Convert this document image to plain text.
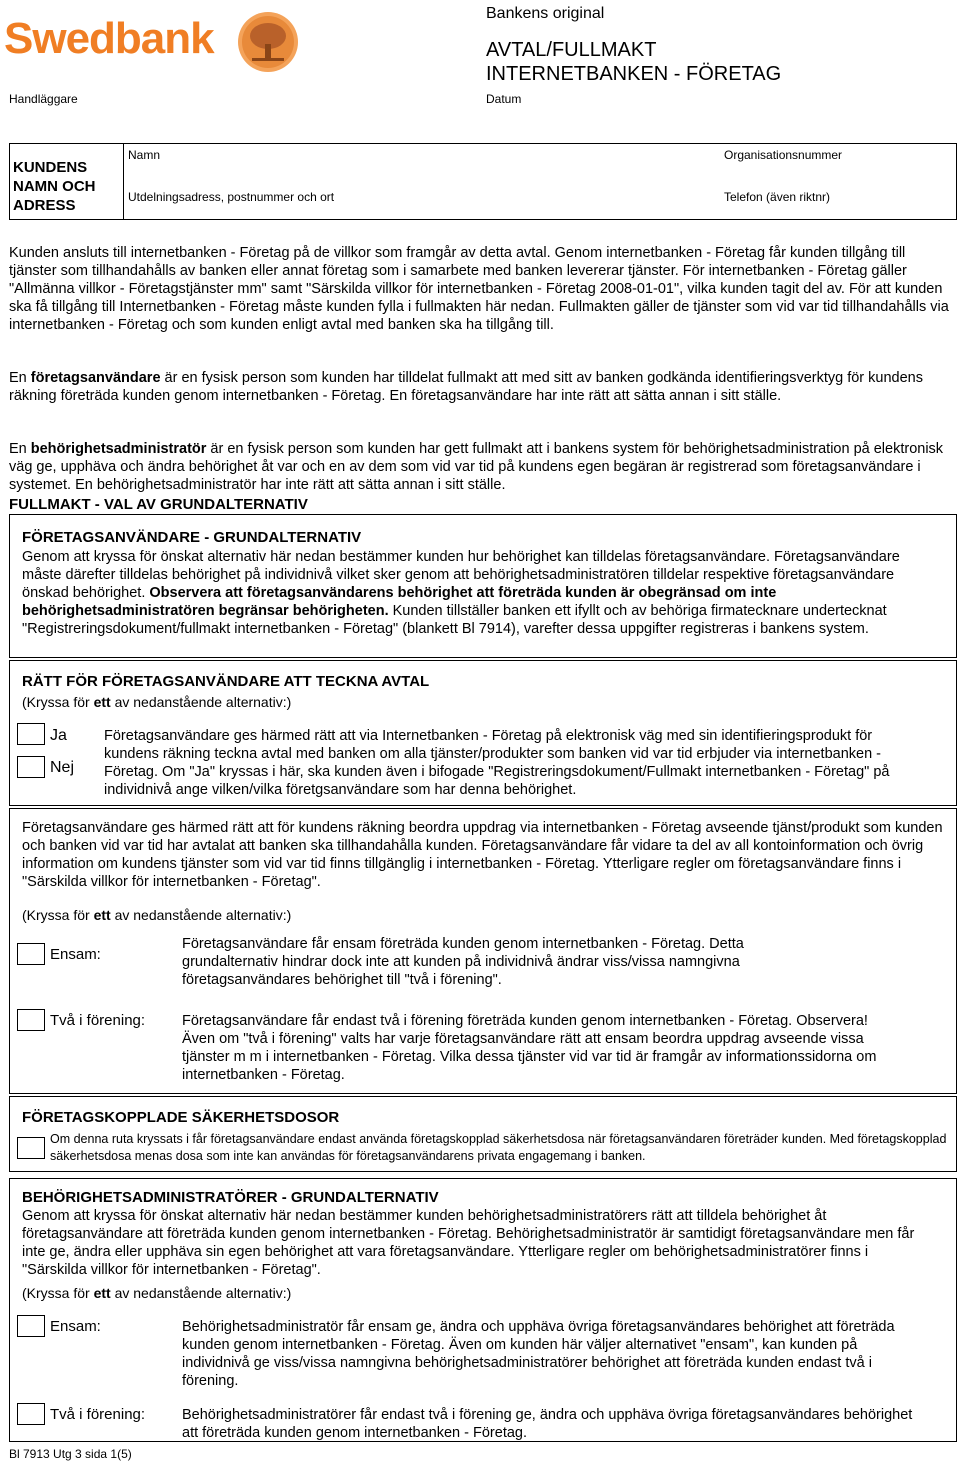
Swedbank
Handläggare
Bankens original
AVTAL/FULLMAKT
INTERNETBANKEN - FÖRETAG
Datum
KUNDENS NAMN OCH ADRESS
Namn	Organisationsnummer
Utdelningsadress, postnummer och ort	Telefon (även riktnr)
Kunden ansluts till internetbanken - Företag på de villkor som framgår av detta avtal. Genom internetbanken - Företag får kunden tillgång till tjänster som tillhandahålls av banken eller annat företag som i samarbete med banken levererar tjänster. För internetbanken - Företag gäller "Allmänna villkor - Företagstjänster mm" samt "Särskilda villkor för internetbanken - Företag 2008-01-01", vilka kunden tagit del av. För att kunden ska få tillgång till Internetbanken - Företag måste kunden fylla i fullmakten här nedan. Fullmakten gäller de tjänster som vid var tid tillhandahålls via internetbanken - Företag och som kunden enligt avtal med banken ska ha tillgång till.
En företagsanvändare är en fysisk person som kunden har tilldelat fullmakt att med sitt av banken godkända identifieringsverktyg för kundens räkning företräda kunden genom internetbanken - Företag. En företagsanvändare har inte rätt att sätta annan i sitt ställe.
En behörighetsadministratör är en fysisk person som kunden har gett fullmakt att i bankens system för behörighetsadministration på elektronisk väg ge, upphäva och ändra behörighet åt var och en av dem som vid var tid på kundens egen begäran är registrerad som företagsanvändare i systemet. En behörighetsadministratör har inte rätt att sätta annan i sitt ställe.
FULLMAKT - VAL AV GRUNDALTERNATIV
FÖRETAGSANVÄNDARE - GRUNDALTERNATIV
Genom att kryssa för önskat alternativ här nedan bestämmer kunden hur behörighet kan tilldelas företagsanvändare. Företagsanvändare måste därefter tilldelas behörighet på individnivå vilket sker genom att behörighetsadministratören tilldelar respektive företagsanvändare önskad behörighet. Observera att företagsanvändarens behörighet att företräda kunden är obegränsad om inte behörighetsadministratören begränsar behörigheten. Kunden tillställer banken ett ifyllt och av behöriga firmatecknare undertecknat "Registreringsdokument/fullmakt internetbanken - Företag" (blankett Bl 7914), varefter dessa uppgifter registreras i bankens system.
RÄTT FÖR FÖRETAGSANVÄNDARE ATT TECKNA AVTAL
(Kryssa för ett av nedanstående alternativ:)
Ja
Nej
Företagsanvändare ges härmed rätt att via Internetbanken - Företag på elektronisk väg med sin identifieringsprodukt för kundens räkning teckna avtal med banken om alla tjänster/produkter som banken vid var tid erbjuder via internetbanken - Företag. Om "Ja" kryssas i här, ska kunden även i bifogade "Registreringsdokument/Fullmakt internetbanken - Företag" på individnivå ange vilken/vilka företgsanvändare som har denna behörighet.
Företagsanvändare ges härmed rätt att för kundens räkning beordra uppdrag via internetbanken - Företag avseende tjänst/produkt som kunden och banken vid var tid har avtalat att banken ska tillhandahålla kunden. Företagsanvändare får vidare ta del av all kontoinformation och övrig information om kundens tjänster som vid var tid finns tillgänglig i internetbanken - Företag. Ytterligare regler om företagsanvändare finns i "Särskilda villkor för internetbanken - Företag".
(Kryssa för ett av nedanstående alternativ:)
Ensam:
Företagsanvändare får ensam företräda kunden genom internetbanken - Företag. Detta grundalternativ hindrar dock inte att kunden på individnivå ändrar viss/vissa namngivna företagsanvändares behörighet till "två i förening".
Två i förening:	Företagsanvändare får endast två i förening företräda kunden genom internetbanken - Företag. Observera! Även om "två i förening" valts har varje företagsanvändare rätt att ensam beordra uppdrag avseende vissa tjänster m m i internetbanken - Företag. Vilka dessa tjänster vid var tid är framgår av informationssidorna om internetbanken - Företag.
FÖRETAGSKOPPLADE SÄKERHETSDOSOR
Om denna ruta kryssats i får företagsanvändare endast använda företagskopplad säkerhetsdosa när företagsanvändaren företräder kunden. Med företagskopplad säkerhetsdosa menas dosa som inte kan användas för företagsanvändarens privata engagemang i banken.
BEHÖRIGHETSADMINISTRATÖRER - GRUNDALTERNATIV
Genom att kryssa för önskat alternativ här nedan bestämmer kunden behörighetsadministratörers rätt att tilldela behörighet åt företagsanvändare att företräda kunden genom internetbanken - Företag. Behörighetsadministratör är samtidigt företagsanvändare men får inte ge, ändra eller upphäva sin egen behörighet att vara företagsanvändare. Ytterligare regler om behörighetsadministratörer finns i "Särskilda villkor för internetbanken - Företag".
(Kryssa för ett av nedanstående alternativ:)
Ensam:	Behörighetsadministratör får ensam ge, ändra och upphäva övriga företagsanvändares behörighet att företräda kunden genom internetbanken - Företag. Även om kunden här väljer alternativet "ensam", kan kunden på individnivå ge viss/vissa namngivna behörighetsadministratörer behörighet att företräda kunden endast två i förening.
Två i förening:	Behörighetsadministratörer får endast två i förening ge, ändra och upphäva övriga företagsanvändares behörighet att företräda kunden genom internetbanken - Företag.
Bl 7913 Utg 3 sida 1(5)
